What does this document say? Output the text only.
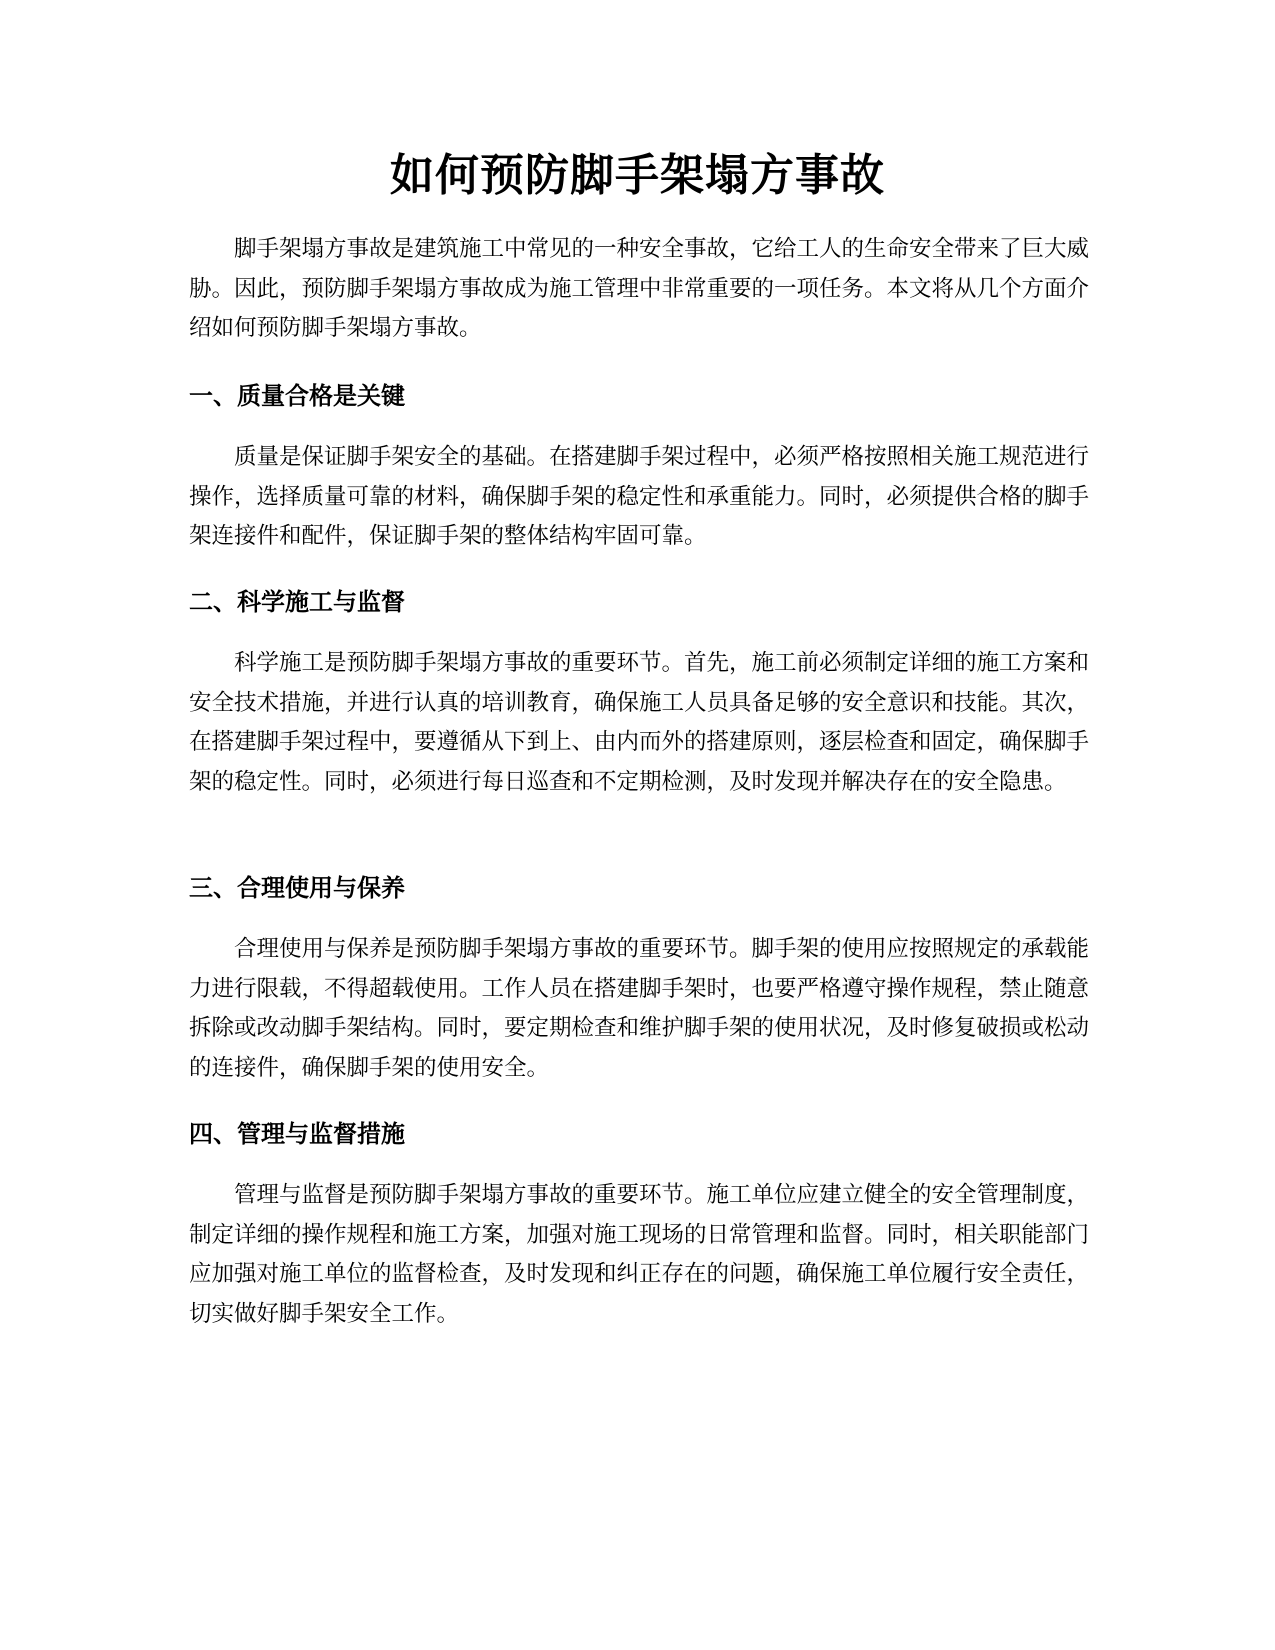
如何预防脚手架塌方事故

脚手架塌方事故是建筑施工中常见的一种安全事故，它给工人的生命安全带来了巨大威胁。因此，预防脚手架塌方事故成为施工管理中非常重要的一项任务。本文将从几个方面介绍如何预防脚手架塌方事故。

一、质量合格是关键

质量是保证脚手架安全的基础。在搭建脚手架过程中，必须严格按照相关施工规范进行操作，选择质量可靠的材料，确保脚手架的稳定性和承重能力。同时，必须提供合格的脚手架连接件和配件，保证脚手架的整体结构牢固可靠。

二、科学施工与监督

科学施工是预防脚手架塌方事故的重要环节。首先，施工前必须制定详细的施工方案和安全技术措施，并进行认真的培训教育，确保施工人员具备足够的安全意识和技能。其次，在搭建脚手架过程中，要遵循从下到上、由内而外的搭建原则，逐层检查和固定，确保脚手架的稳定性。同时，必须进行每日巡查和不定期检测，及时发现并解决存在的安全隐患。

三、合理使用与保养

合理使用与保养是预防脚手架塌方事故的重要环节。脚手架的使用应按照规定的承载能力进行限载，不得超载使用。工作人员在搭建脚手架时，也要严格遵守操作规程，禁止随意拆除或改动脚手架结构。同时，要定期检查和维护脚手架的使用状况，及时修复破损或松动的连接件，确保脚手架的使用安全。

四、管理与监督措施

管理与监督是预防脚手架塌方事故的重要环节。施工单位应建立健全的安全管理制度，制定详细的操作规程和施工方案，加强对施工现场的日常管理和监督。同时，相关职能部门应加强对施工单位的监督检查，及时发现和纠正存在的问题，确保施工单位履行安全责任，切实做好脚手架安全工作。
